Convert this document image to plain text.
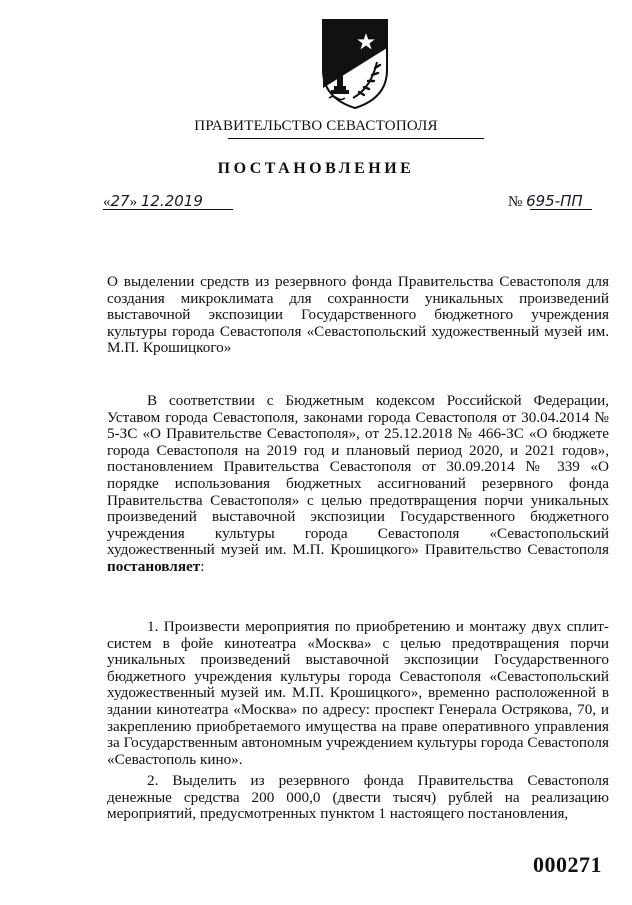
ПРАВИТЕЛЬСТВО СЕВАСТОПОЛЯ
ПОСТАНОВЛЕНИЕ
«27» 12.2019	№ 695-ПП
О выделении средств из резервного фонда Правительства Севастополя для создания микроклимата для сохранности уникальных произведений выставочной экспозиции Государственного бюджетного учреждения культуры города Севастополя «Севастопольский художественный музей им. М.П. Крошицкого»
В соответствии с Бюджетным кодексом Российской Федерации, Уставом города Севастополя, законами города Севастополя от 30.04.2014 № 5-ЗС «О Правительстве Севастополя», от 25.12.2018 № 466-ЗС «О бюджете города Севастополя на 2019 год и плановый период 2020, и 2021 годов», постановлением Правительства Севастополя от 30.09.2014 № 339 «О порядке использования бюджетных ассигнований резервного фонда Правительства Севастополя» с целью предотвращения порчи уникальных произведений выставочной экспозиции Государственного бюджетного учреждения культуры города Севастополя «Севастопольский художественный музей им. М.П. Крошицкого» Правительство Севастополя постановляет:
1. Произвести мероприятия по приобретению и монтажу двух сплит-систем в фойе кинотеатра «Москва» с целью предотвращения порчи уникальных произведений выставочной экспозиции Государственного бюджетного учреждения культуры города Севастополя «Севастопольский художественный музей им. М.П. Крошицкого», временно расположенной в здании кинотеатра «Москва» по адресу: проспект Генерала Острякова, 70, и закреплению приобретаемого имущества на праве оперативного управления за Государственным автономным учреждением культуры города Севастополя «Севастополь кино».
2. Выделить из резервного фонда Правительства Севастополя денежные средства 200 000,0 (двести тысяч) рублей на реализацию мероприятий, предусмотренных пунктом 1 настоящего постановления,
000271
